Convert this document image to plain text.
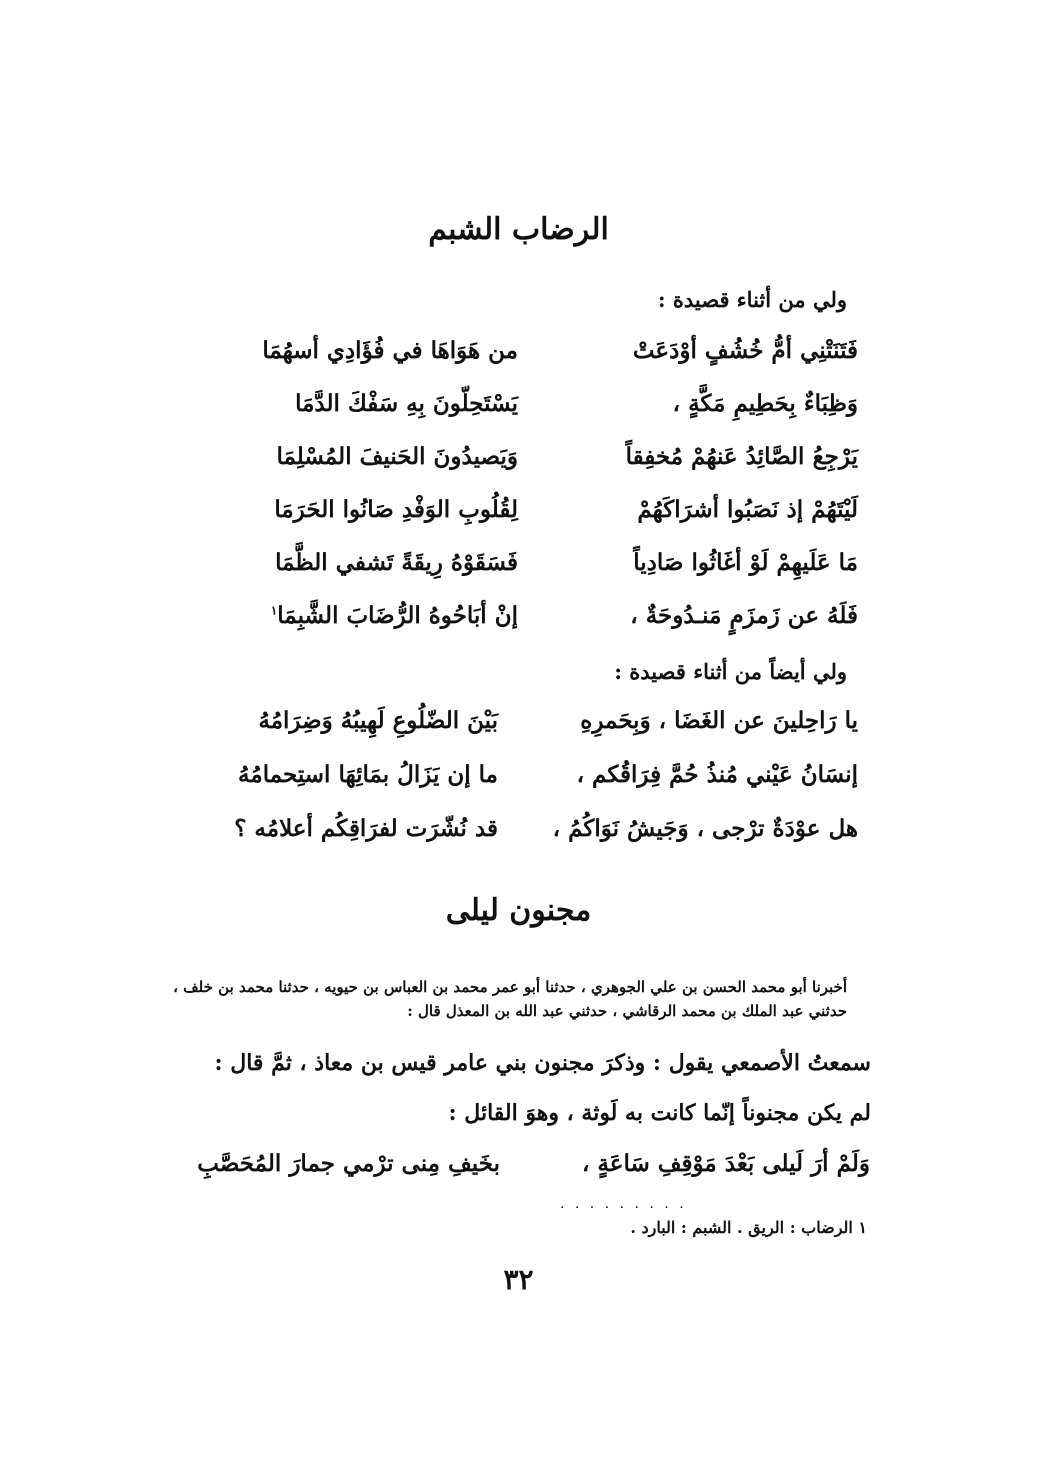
الرضاب الشبم
ولي من أثناء قصيدة :
فَتَنَتْنِي أمُّ خُشُفٍ أوْدَعَتْ
من هَوَاهَا في فُؤَادِي أسهُمَا
وَظِبَاءٌ بِحَطِيمِ مَكَّةٍ ،
يَسْتَحِلّونَ بِهِ سَفْكَ الدَّمَا
يَرْجِعُ الصَّائِدُ عَنهُمْ مُخفِقاً
وَيَصيدُونَ الحَنيفَ المُسْلِمَا
لَيْتَهُمْ إذ نَصَبُوا أشرَاكَهُمْ
لِقُلُوبِ الوَفْدِ صَانُوا الحَرَمَا
مَا عَلَيهِمْ لَوْ أغَاثُوا صَادِياً
فَسَقَوْهُ رِيقَةً تَشفي الظَّمَا
فَلَهُ عن زَمزَمٍ مَنـدُوحَةٌ ،
إنْ أبَاحُوهُ الرُّضَابَ الشَّبِمَا$^١$
ولي أيضاً من أثناء قصيدة :
يا رَاحِلينَ عن الغَضَا ، وَبِحَمرِهِ
بَيْنَ الضّلُوعِ لَهِيبُهُ وَضِرَامُهُ
إنسَانُ عَيْني مُنذُ حُمَّ فِرَاقُكم ،
ما إن يَزَالُ بمَائِهَا استِحمامُهُ
هل عوْدَةٌ ترْجى ، وَجَيشُ نَوَاكُمُ ،
قد نُشّرَت لفرَاقِكُم أعلامُه ؟
مجنون ليلى
أخبرنا أبو محمد الحسن بن علي الجوهري ، حدثنا أبو عمر محمد بن العباس بن حيويه ، حدثنا محمد بن خلف ، حدثني عبد الملك بن محمد الرقاشي ، حدثني عبد الله بن المعذل قال :
سمعتُ الأصمعي يقول : وذكرَ مجنون بني عامر قيس بن معاذ ، ثمَّ قال :
لم يكن مجنوناً إنّما كانت به لَوثة ، وهوَ القائل :
وَلَمْ أرَ لَيلى بَعْدَ مَوْقِفِ سَاعَةٍ ،
بخَيفِ مِنى ترْمي جمارَ المُحَصَّبِ
. . . . . . . . .
١ الرضاب : الريق . الشبم : البارد .
٣٢
